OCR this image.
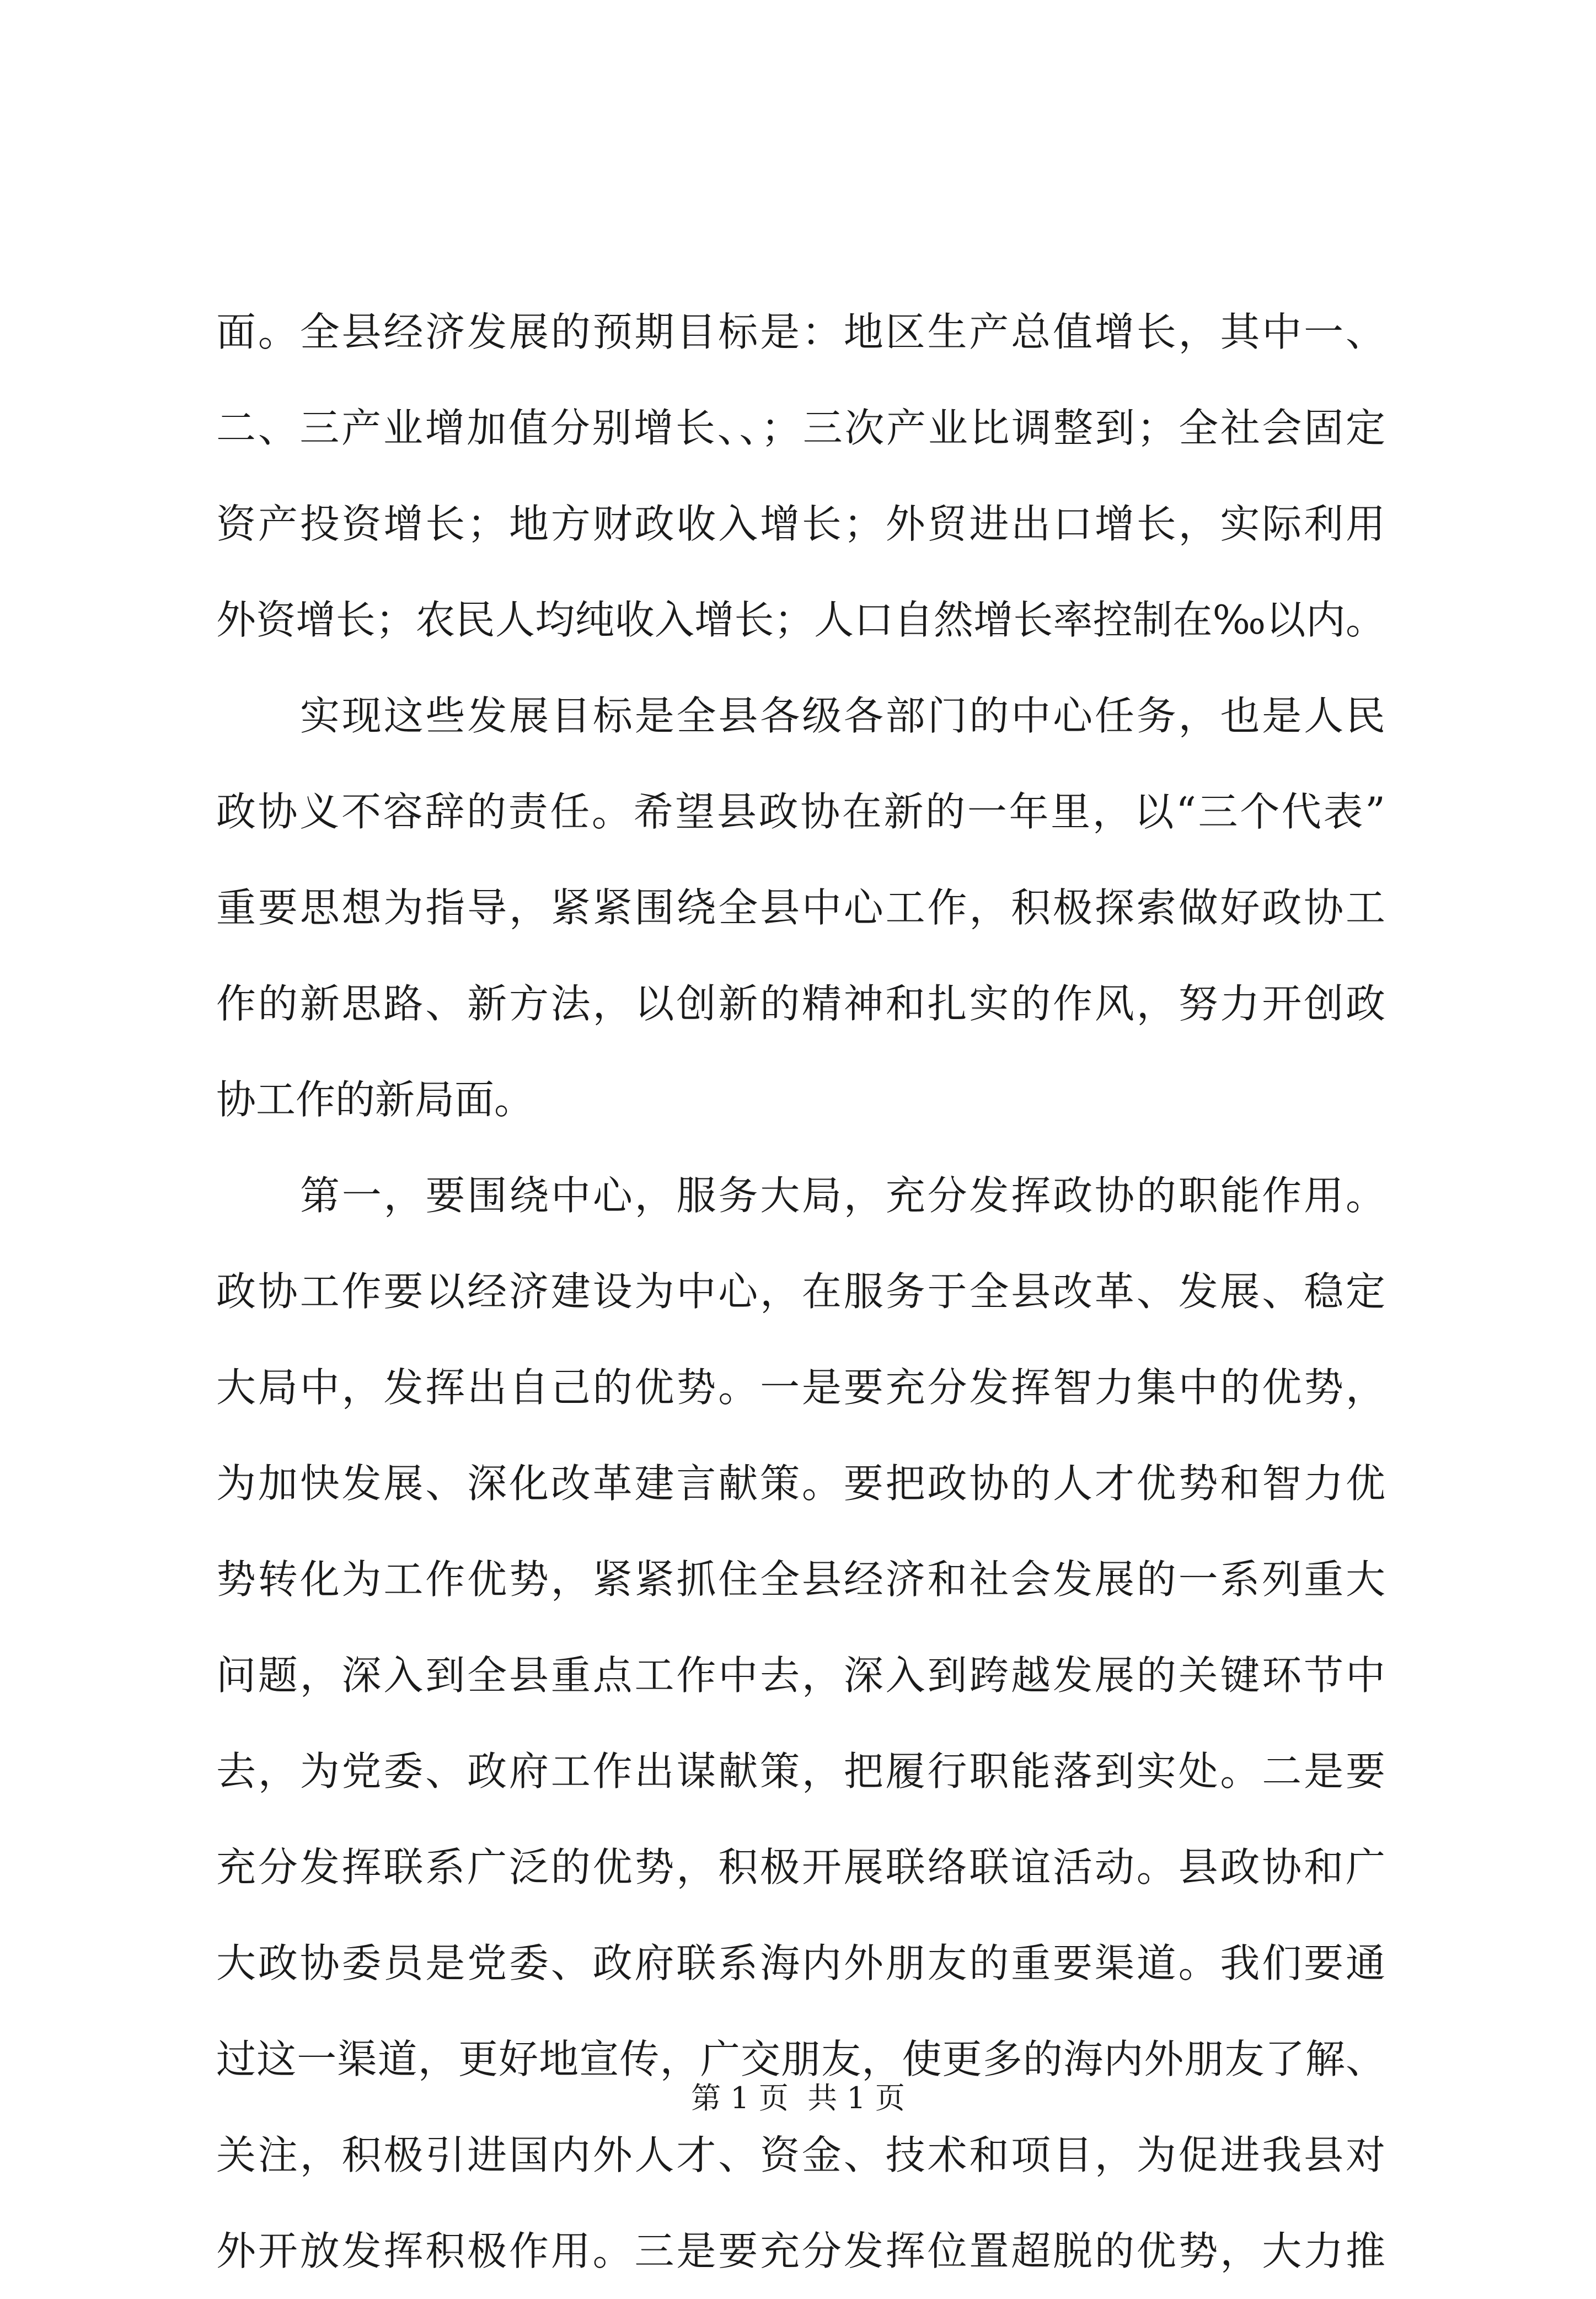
面。全县经济发展的预期目标是：地区生产总值增长，其中一、
二、三产业增加值分别增长、、；三次产业比调整到；全社会固定
资产投资增长；地方财政收入增长；外贸进出口增长，实际利用
外资增长；农民人均纯收入增长；人口自然增长率控制在‰以内。
实现这些发展目标是全县各级各部门的中心任务，也是人民
政协义不容辞的责任。希望县政协在新的一年里，以“三个代表”
重要思想为指导，紧紧围绕全县中心工作，积极探索做好政协工
作的新思路、新方法，以创新的精神和扎实的作风，努力开创政
协工作的新局面。
第一，要围绕中心，服务大局，充分发挥政协的职能作用。
政协工作要以经济建设为中心，在服务于全县改革、发展、稳定
大局中，发挥出自己的优势。一是要充分发挥智力集中的优势，
为加快发展、深化改革建言献策。要把政协的人才优势和智力优
势转化为工作优势，紧紧抓住全县经济和社会发展的一系列重大
问题，深入到全县重点工作中去，深入到跨越发展的关键环节中
去，为党委、政府工作出谋献策，把履行职能落到实处。二是要
充分发挥联系广泛的优势，积极开展联络联谊活动。县政协和广
大政协委员是党委、政府联系海内外朋友的重要渠道。我们要通
过这一渠道，更好地宣传，广交朋友，使更多的海内外朋友了解、
关注，积极引进国内外人才、资金、技术和项目，为促进我县对
外开放发挥积极作用。三是要充分发挥位置超脱的优势，大力推
第 1 页  共 1 页
